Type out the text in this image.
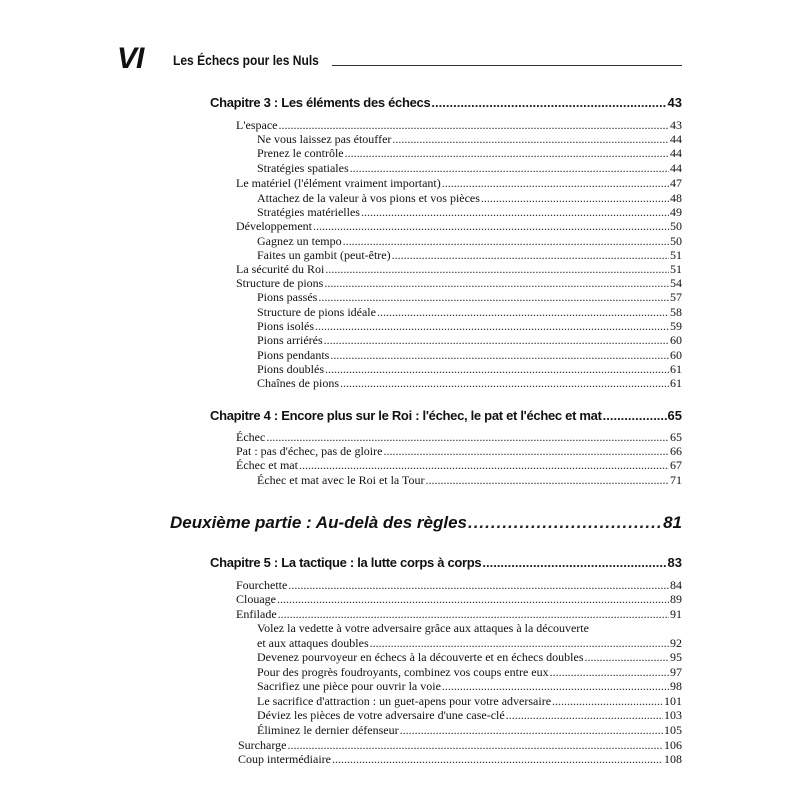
VI Les Échecs pour les Nuls
Chapitre 3 : Les éléments des échecs .....	43
L'espace .....	43
Ne vous laissez pas étouffer .....	44
Prenez le contrôle .....	44
Stratégies spatiales .....	44
Le matériel (l'élément vraiment important) .....	47
Attachez de la valeur à vos pions et vos pièces .....	48
Stratégies matérielles .....	49
Développement .....	50
Gagnez un tempo .....	50
Faites un gambit (peut-être) .....	51
La sécurité du Roi .....	51
Structure de pions .....	54
Pions passés .....	57
Structure de pions idéale .....	58
Pions isolés .....	59
Pions arriérés .....	60
Pions pendants .....	60
Pions doublés .....	61
Chaînes de pions .....	61
Chapitre 4 : Encore plus sur le Roi : l'échec, le pat et l'échec et mat .....	65
Échec .....	65
Pat : pas d'échec, pas de gloire .....	66
Échec et mat .....	67
Échec et mat avec le Roi et la Tour .....	71
Deuxième partie : Au-delà des règles .....	81
Chapitre 5 : La tactique : la lutte corps à corps .....	83
Fourchette .....	84
Clouage .....	89
Enfilade .....	91
Volez la vedette à votre adversaire grâce aux attaques à la découverte
et aux attaques doubles .....	92
Devenez pourvoyeur en échecs à la découverte et en échecs doubles .....	95
Pour des progrès foudroyants, combinez vos coups entre eux .....	97
Sacrifiez une pièce pour ouvrir la voie .....	98
Le sacrifice d'attraction : un guet-apens pour votre adversaire .....	101
Déviez les pièces de votre adversaire d'une case-clé .....	103
Éliminez le dernier défenseur .....	105
Surcharge .....	106
Coup intermédiaire .....	108
